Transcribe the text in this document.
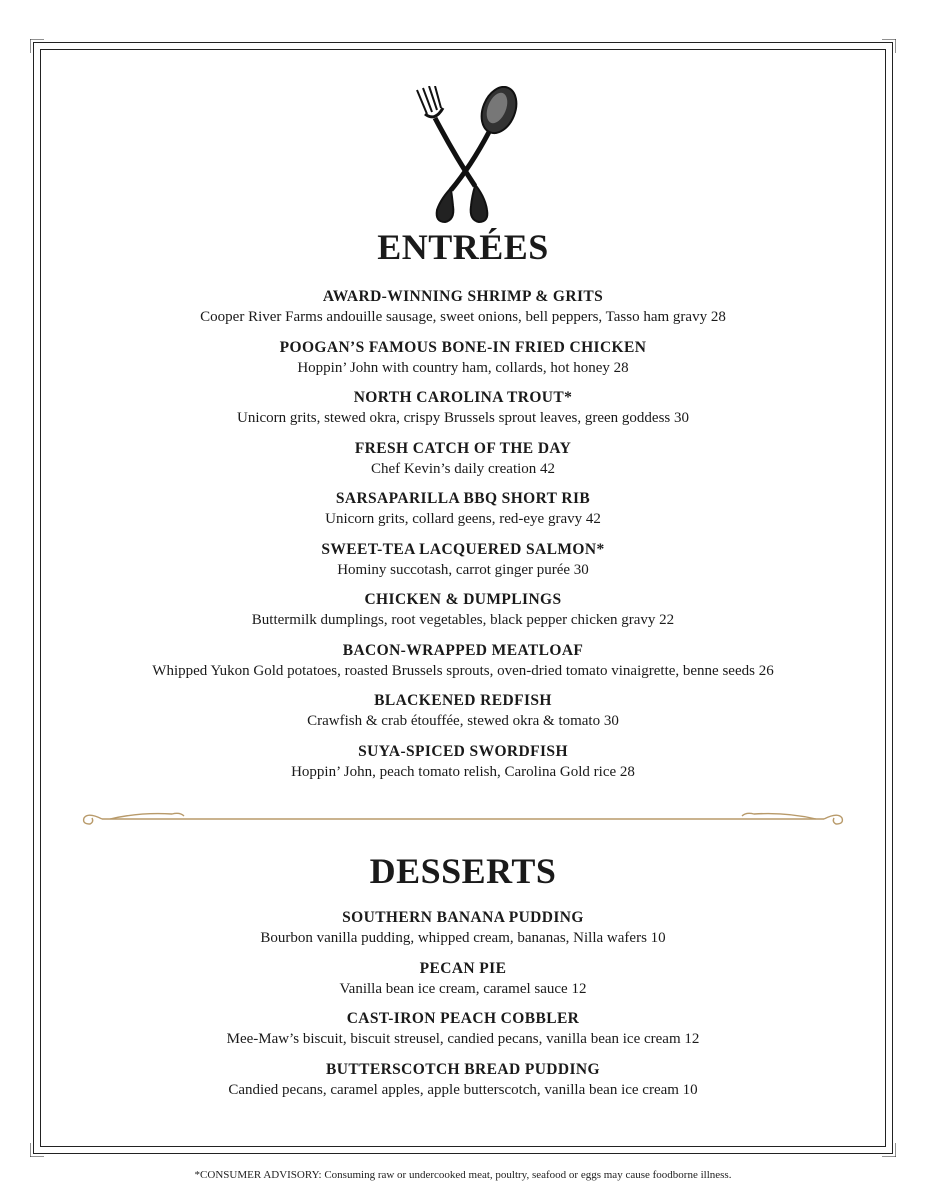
ENTRÉES
AWARD-WINNING SHRIMP & GRITS
Cooper River Farms andouille sausage, sweet onions, bell peppers, Tasso ham gravy 28
POOGAN’S FAMOUS BONE-IN FRIED CHICKEN
Hoppin’ John with country ham, collards, hot honey 28
NORTH CAROLINA TROUT*
Unicorn grits, stewed okra, crispy Brussels sprout leaves, green goddess 30
FRESH CATCH OF THE DAY
Chef Kevin’s daily creation 42
SARSAPARILLA BBQ SHORT RIB
Unicorn grits, collard geens, red-eye gravy 42
SWEET-TEA LACQUERED SALMON*
Hominy succotash, carrot ginger purée 30
CHICKEN & DUMPLINGS
Buttermilk dumplings, root vegetables, black pepper chicken gravy 22
BACON-WRAPPED MEATLOAF
Whipped Yukon Gold potatoes, roasted Brussels sprouts, oven-dried tomato vinaigrette, benne seeds 26
BLACKENED REDFISH
Crawfish & crab étouffée, stewed okra & tomato 30
SUYA-SPICED SWORDFISH
Hoppin’ John, peach tomato relish, Carolina Gold rice 28
DESSERTS
SOUTHERN BANANA PUDDING
Bourbon vanilla pudding, whipped cream, bananas, Nilla wafers 10
PECAN PIE
Vanilla bean ice cream, caramel sauce 12
CAST-IRON PEACH COBBLER
Mee-Maw’s biscuit, biscuit streusel, candied pecans, vanilla bean ice cream 12
BUTTERSCOTCH BREAD PUDDING
Candied pecans, caramel apples, apple butterscotch, vanilla bean ice cream 10
*CONSUMER ADVISORY: Consuming raw or undercooked meat, poultry, seafood or eggs may cause foodborne illness.
